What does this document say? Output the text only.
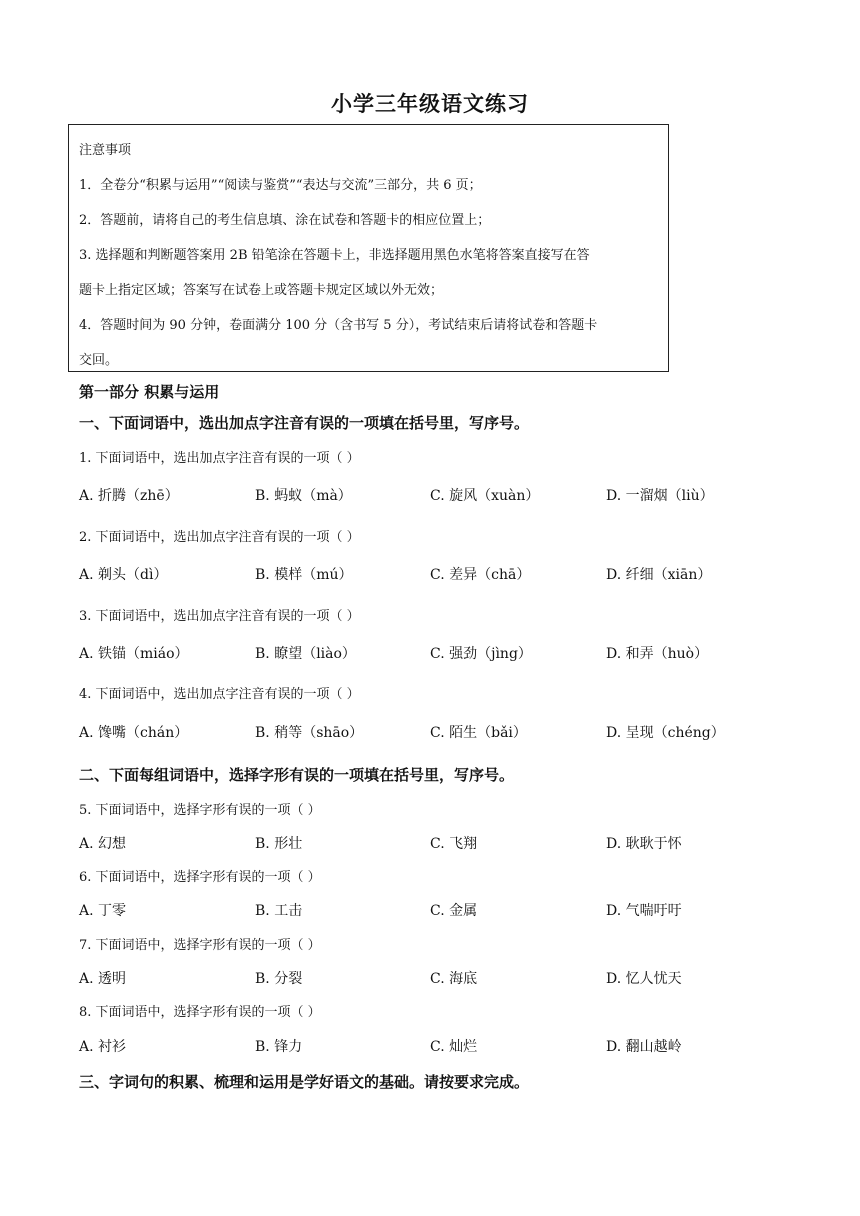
小学三年级语文练习
注意事项
1．全卷分“积累与运用”“阅读与鉴赏”“表达与交流”三部分，共 6 页；
2．答题前，请将自己的考生信息填、涂在试卷和答题卡的相应位置上；
3. 选择题和判断题答案用 2B 铅笔涂在答题卡上，非选择题用黑色水笔将答案直接写在答
题卡上指定区域；答案写在试卷上或答题卡规定区域以外无效；
4．答题时间为 90 分钟，卷面满分 100 分（含书写 5 分），考试结束后请将试卷和答题卡
交回。
第一部分 积累与运用
一、下面词语中，选出加点字注音有误的一项填在括号里，写序号。
1. 下面词语中，选出加点字注音有误的一项（ ）
A. 折腾（zhē）	B. 蚂蚁（mà）	C. 旋风（xuàn）	D. 一溜烟（liù）
2. 下面词语中，选出加点字注音有误的一项（ ）
A. 剃头（dì）	B. 模样（mú）	C. 差异（chā）	D. 纤细（xiān）
3. 下面词语中，选出加点字注音有误的一项（ ）
A. 铁锚（miáo）	B. 瞭望（liào）	C. 强劲（jìng）	D. 和弄（huò）
4. 下面词语中，选出加点字注音有误的一项（ ）
A. 馋嘴（chán）	B. 稍等（shāo）	C. 陌生（bǎi）	D. 呈现（chéng）
二、下面每组词语中，选择字形有误的一项填在括号里，写序号。
5. 下面词语中，选择字形有误的一项（ ）
A. 幻想	B. 形壮	C. 飞翔	D. 耿耿于怀
6. 下面词语中，选择字形有误的一项（ ）
A. 丁零	B. 工击	C. 金属	D. 气喘吁吁
7. 下面词语中，选择字形有误的一项（ ）
A. 透明	B. 分裂	C. 海底	D. 忆人忧天
8. 下面词语中，选择字形有误的一项（ ）
A. 衬衫	B. 锋力	C. 灿烂	D. 翻山越岭
三、字词句的积累、梳理和运用是学好语文的基础。请按要求完成。
